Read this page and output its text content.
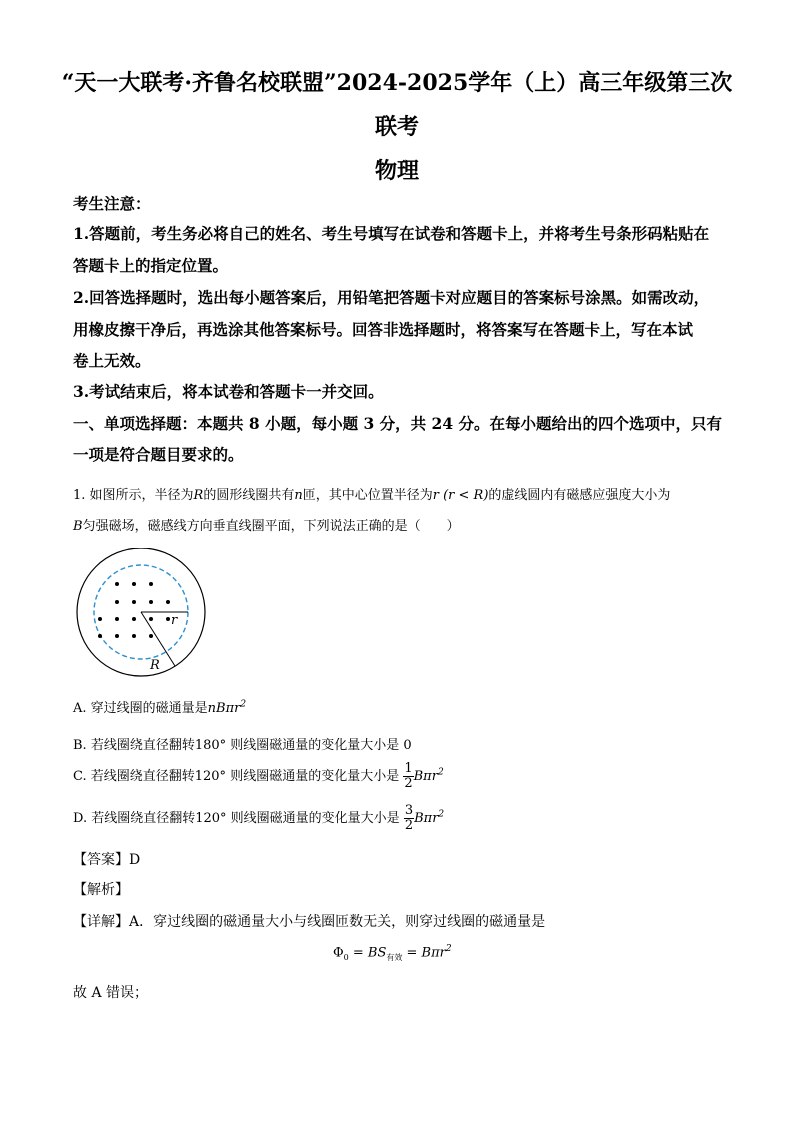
“天一大联考·齐鲁名校联盟”2024-2025学年（上）高三年级第三次
联考
物理
考生注意：
1.答题前，考生务必将自己的姓名、考生号填写在试卷和答题卡上，并将考生号条形码粘贴在
答题卡上的指定位置。
2.回答选择题时，选出每小题答案后，用铅笔把答题卡对应题目的答案标号涂黑。如需改动，
用橡皮擦干净后，再选涂其他答案标号。回答非选择题时，将答案写在答题卡上，写在本试
卷上无效。
3.考试结束后，将本试卷和答题卡一并交回。
一、单项选择题：本题共 8 小题，每小题 3 分，共 24 分。在每小题给出的四个选项中，只有
一项是符合题目要求的。
1. 如图所示，半径为R的圆形线圈共有n匝，其中心位置半径为r (r < R)的虚线圆内有磁感应强度大小为
B匀强磁场，磁感线方向垂直线圈平面，下列说法正确的是（　　）
r
R
A. 穿过线圈的磁通量是nBπr$^2$
B. 若线圈绕直径翻转180° 则线圈磁通量的变化量大小是 0
C. 若线圈绕直径翻转120° 则线圈磁通量的变化量大小是 $\frac{1}{2} B\pi r^2$
D. 若线圈绕直径翻转120° 则线圈磁通量的变化量大小是 $\frac{3}{2} B\pi r^2$
【答案】D
【解析】
【详解】A．穿过线圈的磁通量大小与线圈匝数无关，则穿过线圈的磁通量是
$\Phi_0 = BS_{有效} = B\pi r^2$
故 A 错误；
